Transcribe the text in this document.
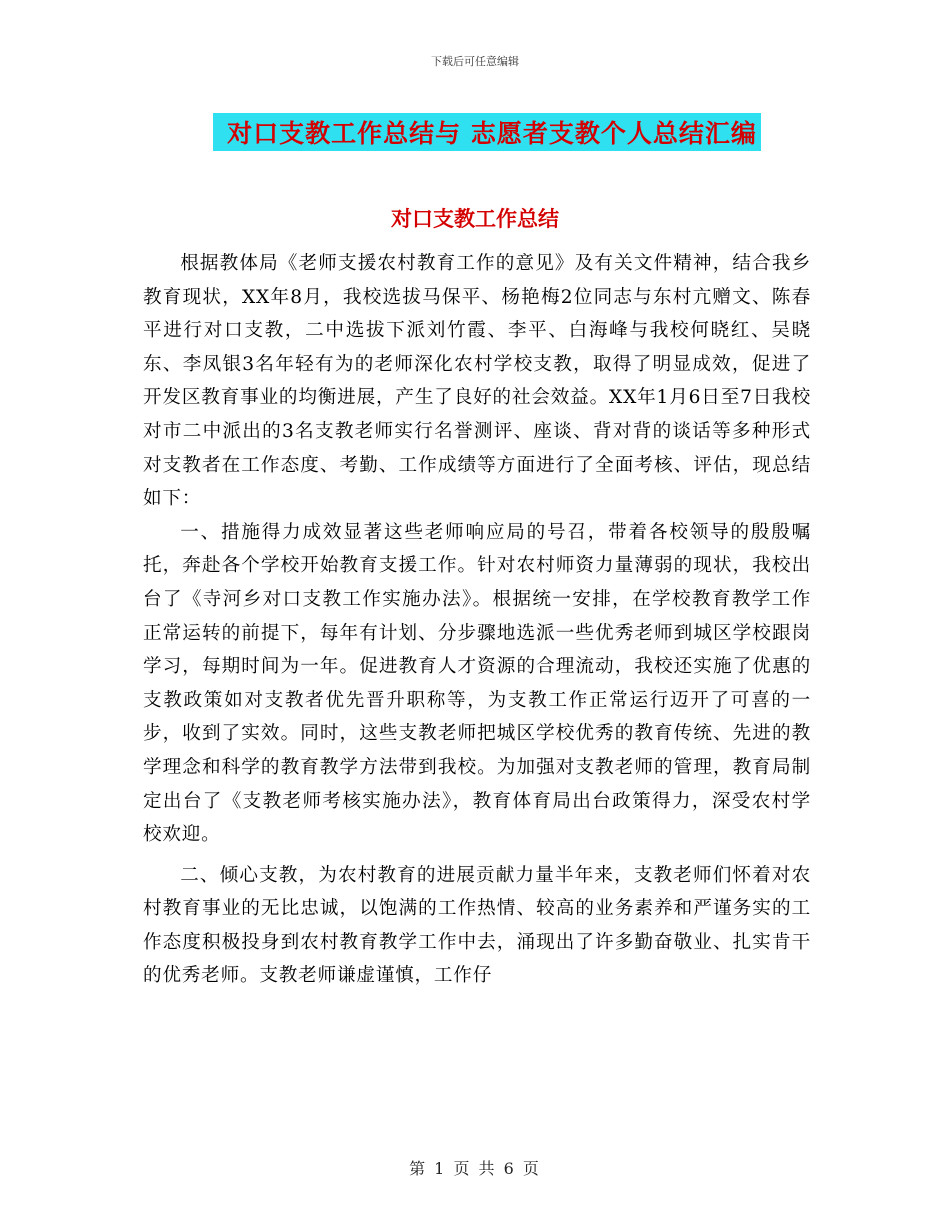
下载后可任意编辑
对口支教工作总结与 志愿者支教个人总结汇编
对口支教工作总结

根据教体局《老师支援农村教育工作的意见》及有关文件精神，结合我乡教育现状，XX年8月，我校选拔马保平、杨艳梅2位同志与东村亢赠文、陈春平进行对口支教，二中选拔下派刘竹霞、李平、白海峰与我校何晓红、吴晓东、李凤银3名年轻有为的老师深化农村学校支教，取得了明显成效，促进了开发区教育事业的均衡进展，产生了良好的社会效益。XX年1月6日至7日我校对市二中派出的3名支教老师实行名誉测评、座谈、背对背的谈话等多种形式对支教者在工作态度、考勤、工作成绩等方面进行了全面考核、评估，现总结如下：

一、措施得力成效显著这些老师响应局的号召，带着各校领导的殷殷嘱托，奔赴各个学校开始教育支援工作。针对农村师资力量薄弱的现状，我校出台了《寺河乡对口支教工作实施办法》。根据统一安排，在学校教育教学工作正常运转的前提下，每年有计划、分步骤地选派一些优秀老师到城区学校跟岗学习，每期时间为一年。促进教育人才资源的合理流动，我校还实施了优惠的支教政策如对支教者优先晋升职称等，为支教工作正常运行迈开了可喜的一步，收到了实效。同时，这些支教老师把城区学校优秀的教育传统、先进的教学理念和科学的教育教学方法带到我校。为加强对支教老师的管理，教育局制定出台了《支教老师考核实施办法》，教育体育局出台政策得力，深受农村学校欢迎。

二、倾心支教，为农村教育的进展贡献力量半年来，支教老师们怀着对农村教育事业的无比忠诚，以饱满的工作热情、较高的业务素养和严谨务实的工作态度积极投身到农村教育教学工作中去，涌现出了许多勤奋敬业、扎实肯干的优秀老师。支教老师谦虚谨慎，工作仔

第 1 页 共 6 页
